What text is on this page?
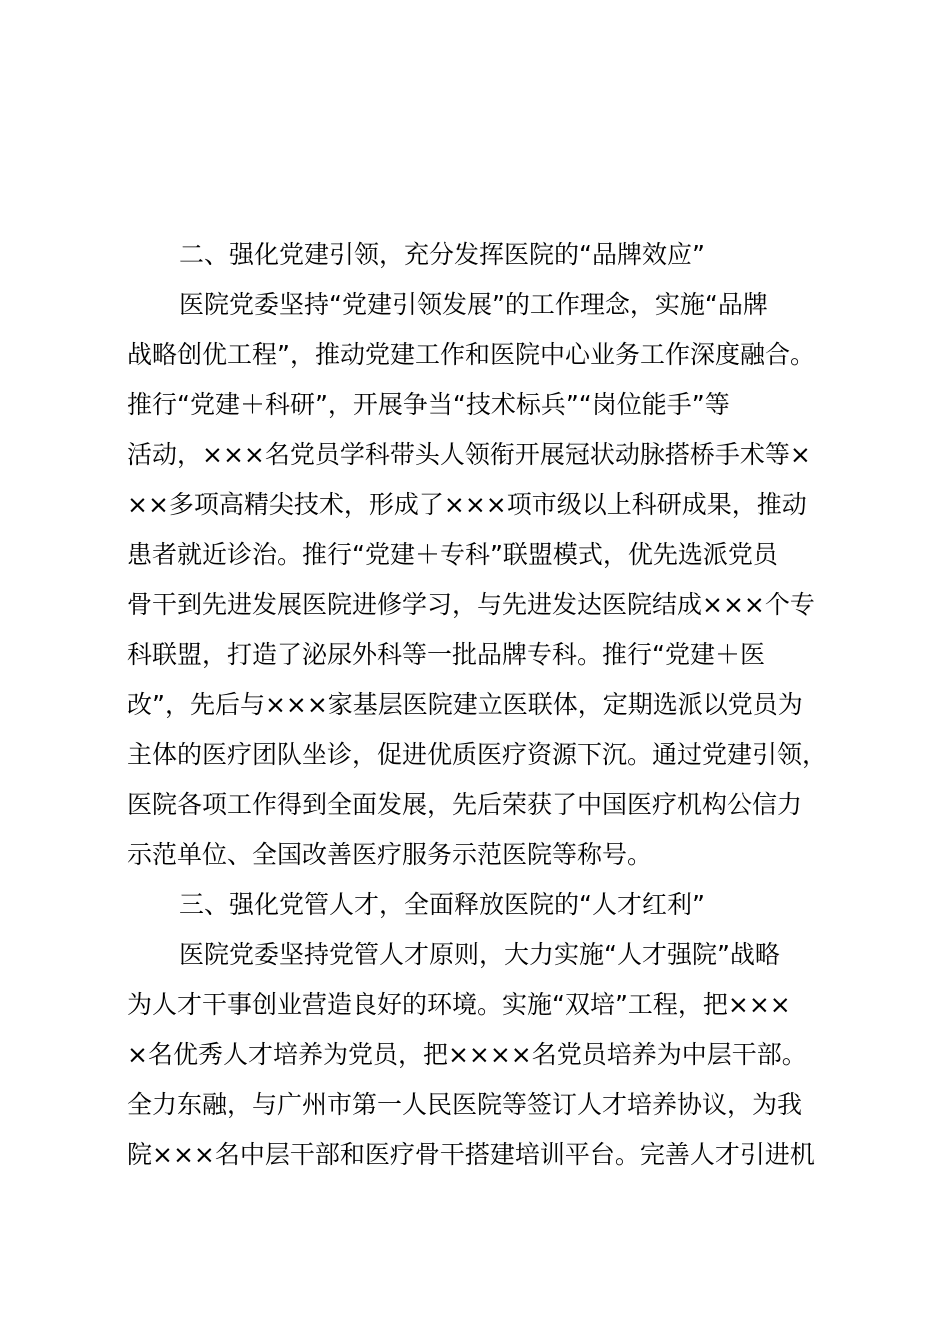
二、强化党建引领，充分发挥医院的“品牌效应”
医院党委坚持“党建引领发展”的工作理念，实施“品牌
战略创优工程”，推动党建工作和医院中心业务工作深度融合。
推行“党建＋科研”，开展争当“技术标兵”“岗位能手”等
活动，×××名党员学科带头人领衔开展冠状动脉搭桥手术等×
××多项高精尖技术，形成了×××项市级以上科研成果，推动
患者就近诊治。推行“党建＋专科”联盟模式，优先选派党员
骨干到先进发展医院进修学习，与先进发达医院结成×××个专
科联盟，打造了泌尿外科等一批品牌专科。推行“党建＋医
改”，先后与×××家基层医院建立医联体，定期选派以党员为
主体的医疗团队坐诊，促进优质医疗资源下沉。通过党建引领，
医院各项工作得到全面发展，先后荣获了中国医疗机构公信力
示范单位、全国改善医疗服务示范医院等称号。
三、强化党管人才，全面释放医院的“人才红利”
医院党委坚持党管人才原则，大力实施“人才强院”战略
为人才干事创业营造良好的环境。实施“双培”工程，把×××
×名优秀人才培养为党员，把××××名党员培养为中层干部。
全力东融，与广州市第一人民医院等签订人才培养协议，为我
院×××名中层干部和医疗骨干搭建培训平台。完善人才引进机
